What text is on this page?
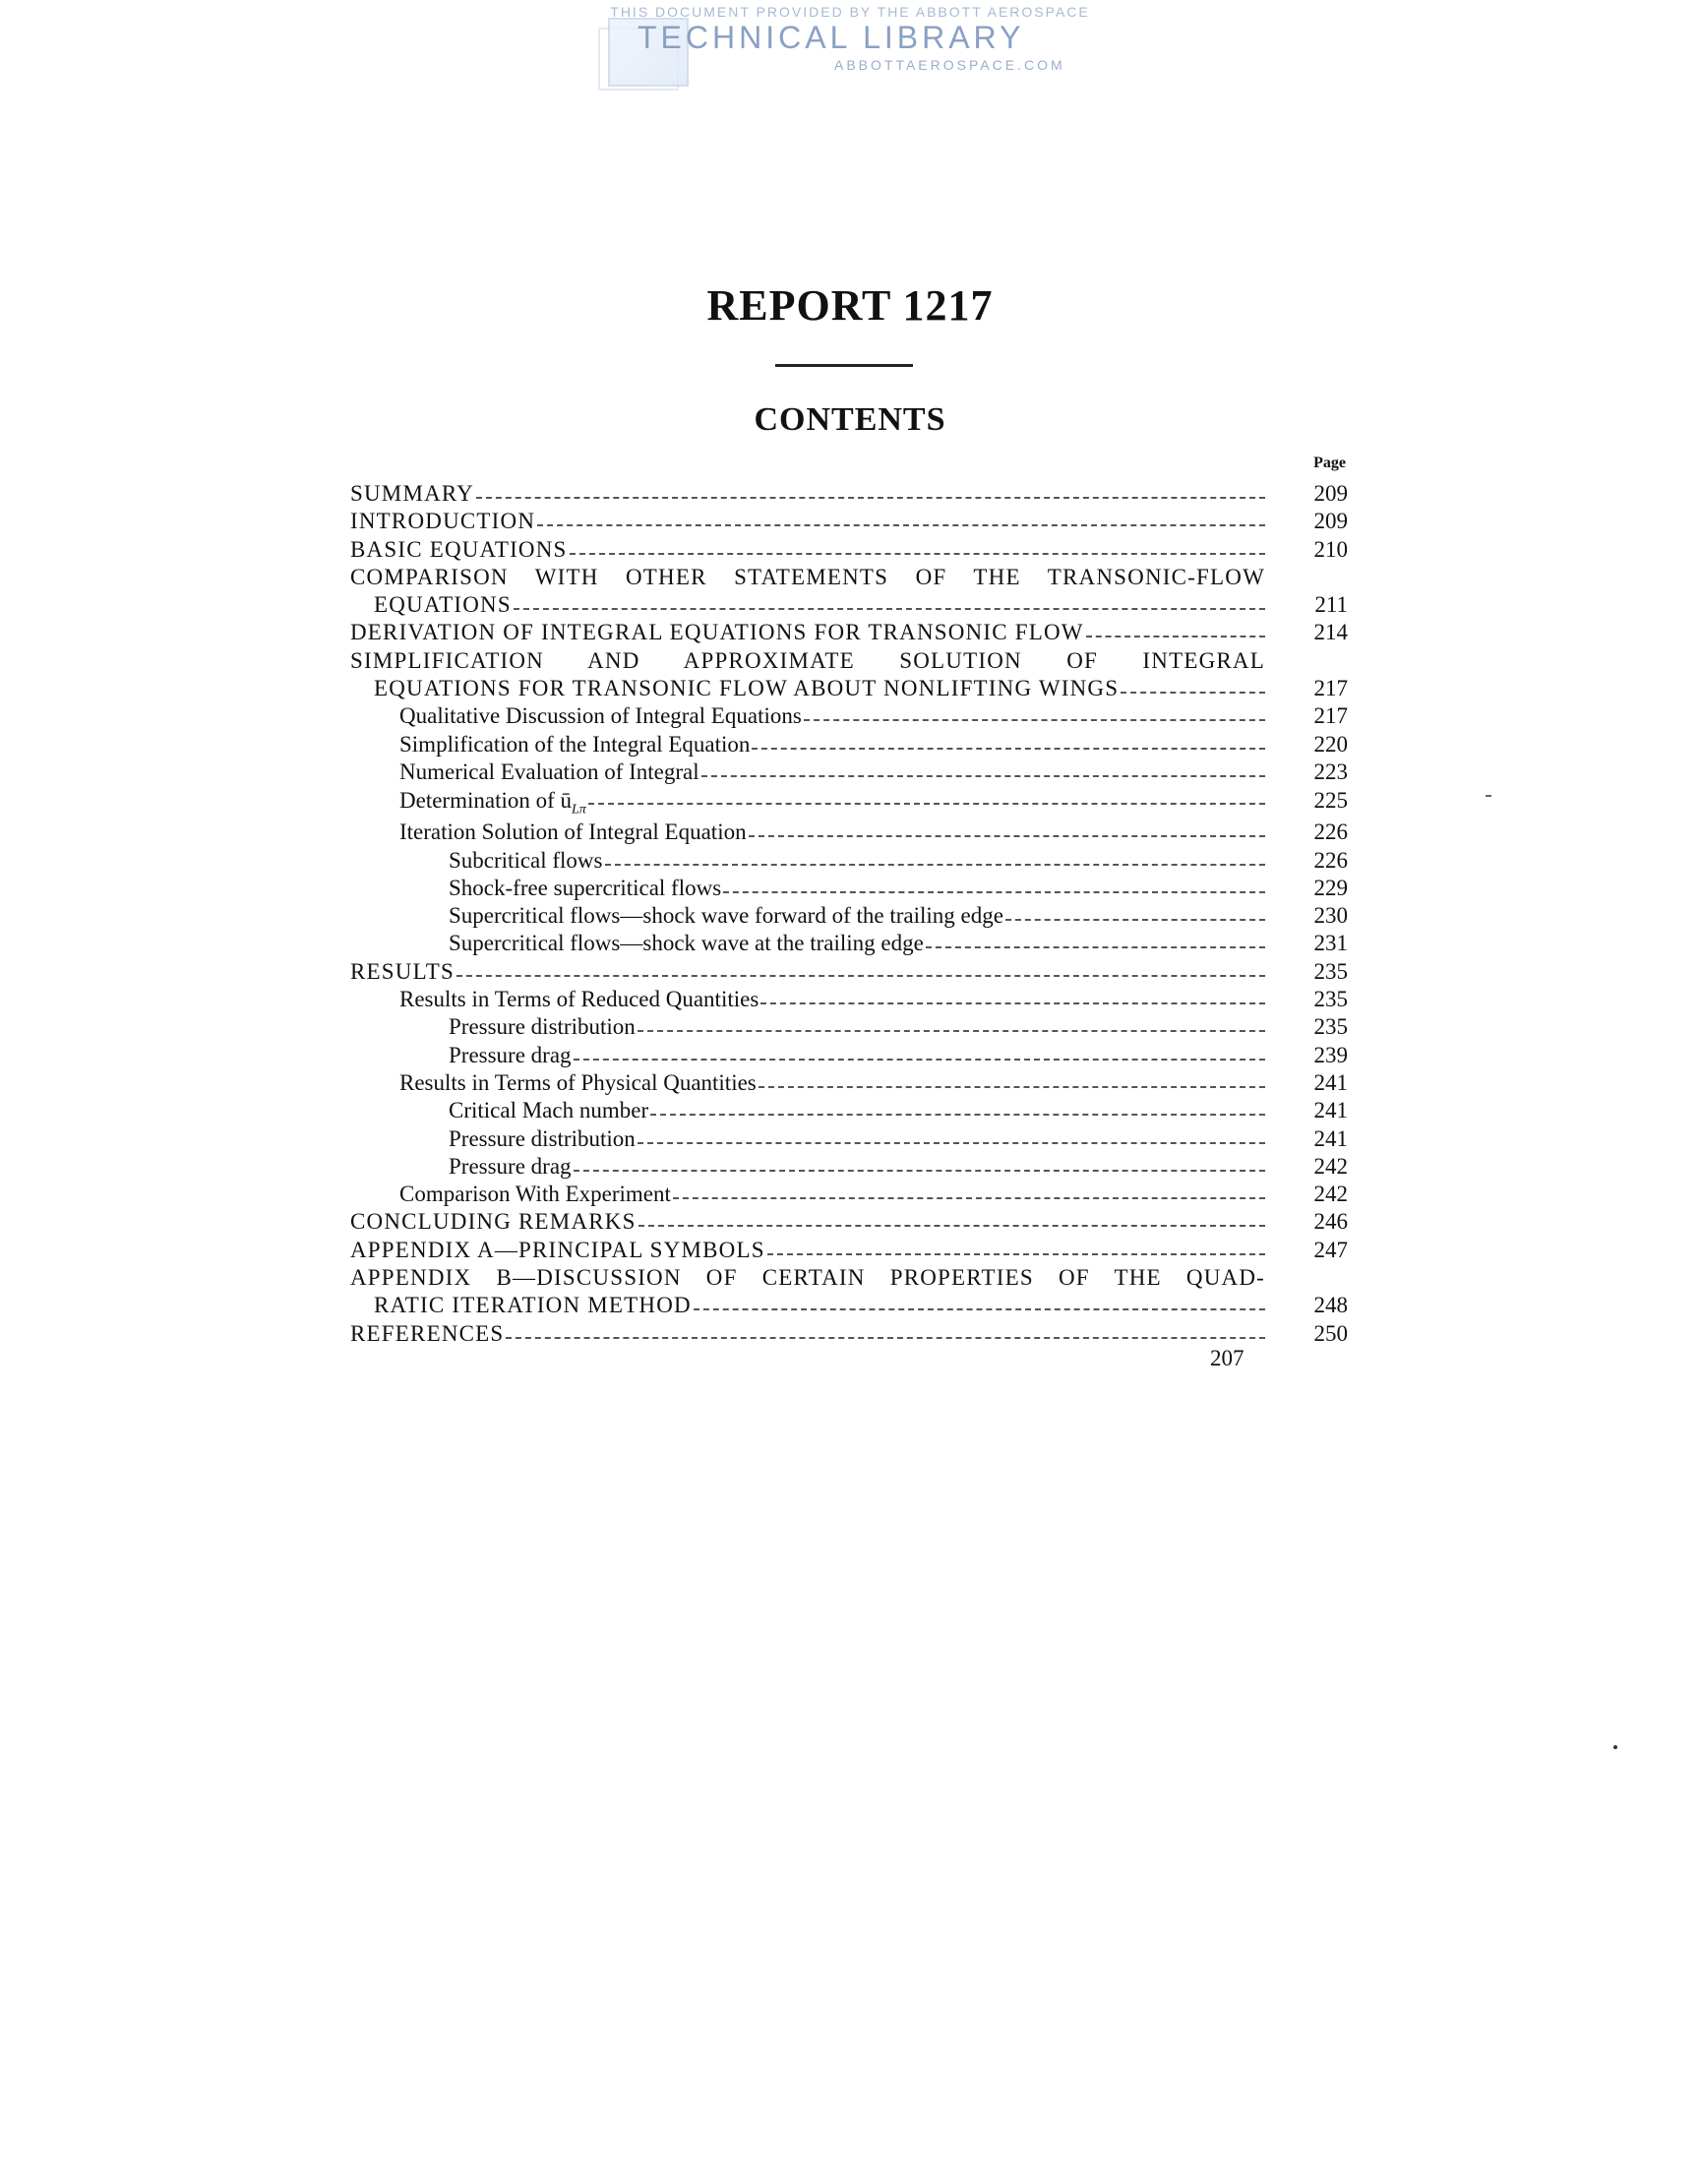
THIS DOCUMENT PROVIDED BY THE ABBOTT AEROSPACE
TECHNICAL LIBRARY
ABBOTTAEROSPACE.COM
REPORT 1217
CONTENTS
Page
SUMMARY	209
INTRODUCTION	209
BASIC EQUATIONS	210
COMPARISON WITH OTHER STATEMENTS OF THE TRANSONIC-FLOW
EQUATIONS	211
DERIVATION OF INTEGRAL EQUATIONS FOR TRANSONIC FLOW	214
SIMPLIFICATION AND APPROXIMATE SOLUTION OF INTEGRAL
EQUATIONS FOR TRANSONIC FLOW ABOUT NONLIFTING WINGS	217
Qualitative Discussion of Integral Equations	217
Simplification of the Integral Equation	220
Numerical Evaluation of Integral	223
Determination of $ū_{L\pi}$	225
Iteration Solution of Integral Equation	226
Subcritical flows	226
Shock-free supercritical flows	229
Supercritical flows—shock wave forward of the trailing edge	230
Supercritical flows—shock wave at the trailing edge	231
RESULTS	235
Results in Terms of Reduced Quantities	235
Pressure distribution	235
Pressure drag	239
Results in Terms of Physical Quantities	241
Critical Mach number	241
Pressure distribution	241
Pressure drag	242
Comparison With Experiment	242
CONCLUDING REMARKS	246
APPENDIX A—PRINCIPAL SYMBOLS	247
APPENDIX B—DISCUSSION OF CERTAIN PROPERTIES OF THE QUAD-
RATIC ITERATION METHOD	248
REFERENCES	250
207
